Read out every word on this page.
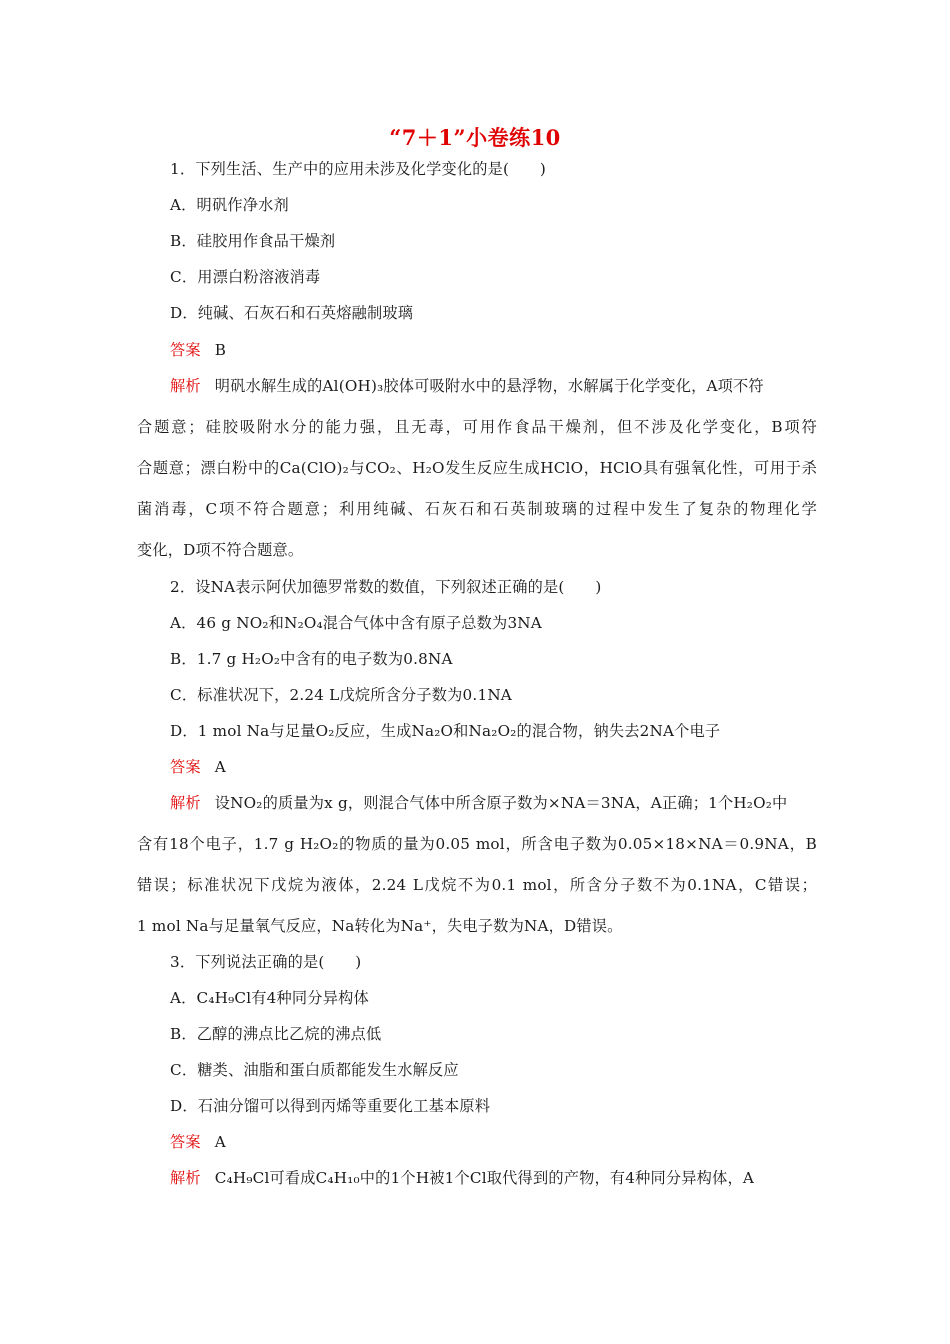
“7＋1”小卷练10
1．下列生活、生产中的应用未涉及化学变化的是(　　)
A．明矾作净水剂
B．硅胶用作食品干燥剂
C．用漂白粉溶液消毒
D．纯碱、石灰石和石英熔融制玻璃
答案 B
解析 明矾水解生成的Al(OH)₃胶体可吸附水中的悬浮物，水解属于化学变化，A项不符
合题意；硅胶吸附水分的能力强，且无毒，可用作食品干燥剂，但不涉及化学变化，B项符
合题意；漂白粉中的Ca(ClO)₂与CO₂、H₂O发生反应生成HClO，HClO具有强氧化性，可用于杀
菌消毒，C项不符合题意；利用纯碱、石灰石和石英制玻璃的过程中发生了复杂的物理化学
变化，D项不符合题意。
2．设NA表示阿伏加德罗常数的数值，下列叙述正确的是(　　)
A．46 g NO₂和N₂O₄混合气体中含有原子总数为3NA
B．1.7 g H₂O₂中含有的电子数为0.8NA
C．标准状况下，2.24 L戊烷所含分子数为0.1NA
D．1 mol Na与足量O₂反应，生成Na₂O和Na₂O₂的混合物，钠失去2NA个电子
答案 A
解析 设NO₂的质量为x g，则混合气体中所含原子数为×NA＝3NA，A正确；1个H₂O₂中
含有18个电子，1.7 g H₂O₂的物质的量为0.05 mol，所含电子数为0.05×18×NA＝0.9NA，B
错误；标准状况下戊烷为液体，2.24 L戊烷不为0.1 mol，所含分子数不为0.1NA，C错误；
1 mol Na与足量氧气反应，Na转化为Na⁺，失电子数为NA，D错误。
3．下列说法正确的是(　　)
A．C₄H₉Cl有4种同分异构体
B．乙醇的沸点比乙烷的沸点低
C．糖类、油脂和蛋白质都能发生水解反应
D．石油分馏可以得到丙烯等重要化工基本原料
答案 A
解析 C₄H₉Cl可看成C₄H₁₀中的1个H被1个Cl取代得到的产物，有4种同分异构体，A
